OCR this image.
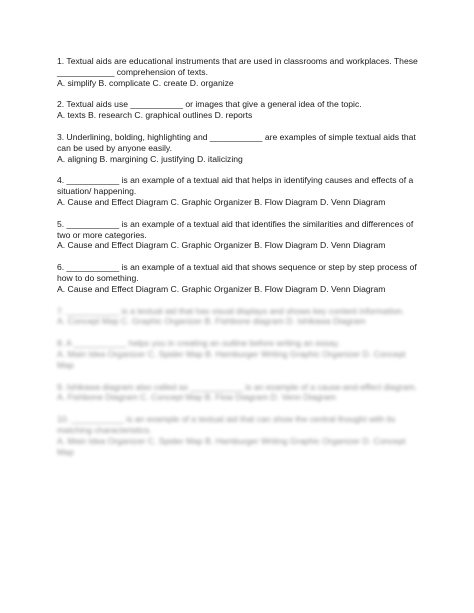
1. Textual aids are educational instruments that are used in classrooms and workplaces. These
____________ comprehension of texts.
A. simplify B. complicate C. create D. organize
2. Textual aids use ___________ or images that give a general idea of the topic.
A. texts B. research C. graphical outlines D. reports
3. Underlining, bolding, highlighting and ___________ are examples of simple textual aids that
can be used by anyone easily.
A. aligning B. margining C. justifying D. italicizing
4. ___________ is an example of a textual aid that helps in identifying causes and effects of a
situation/ happening.
A. Cause and Effect Diagram C. Graphic Organizer B. Flow Diagram D. Venn Diagram
5. ___________ is an example of a textual aid that identifies the similarities and differences of
two or more categories.
A. Cause and Effect Diagram C. Graphic Organizer B. Flow Diagram D. Venn Diagram
6. ___________ is an example of a textual aid that shows sequence or step by step process of
how to do something.
A. Cause and Effect Diagram C. Graphic Organizer B. Flow Diagram D. Venn Diagram
7. ___________ is a textual aid that has visual displays and shows key content information.
A. Concept Map C. Graphic Organizer B. Fishbone diagram D. Ishikawa Diagram
8. A ___________ helps you in creating an outline before writing an essay.
A. Main Idea Organizer C. Spider Map B. Hamburger Writing Graphic Organizer D. Concept
Map
9. Ishikawa diagram also called as ___________ is an example of a cause-and-effect diagram.
A. Fishbone Diagram C. Concept Map B. Flow Diagram D. Venn Diagram
10. ___________ is an example of a textual aid that can show the central thought with its
matching characteristics.
A. Main Idea Organizer C. Spider Map B. Hamburger Writing Graphic Organizer D. Concept
Map
